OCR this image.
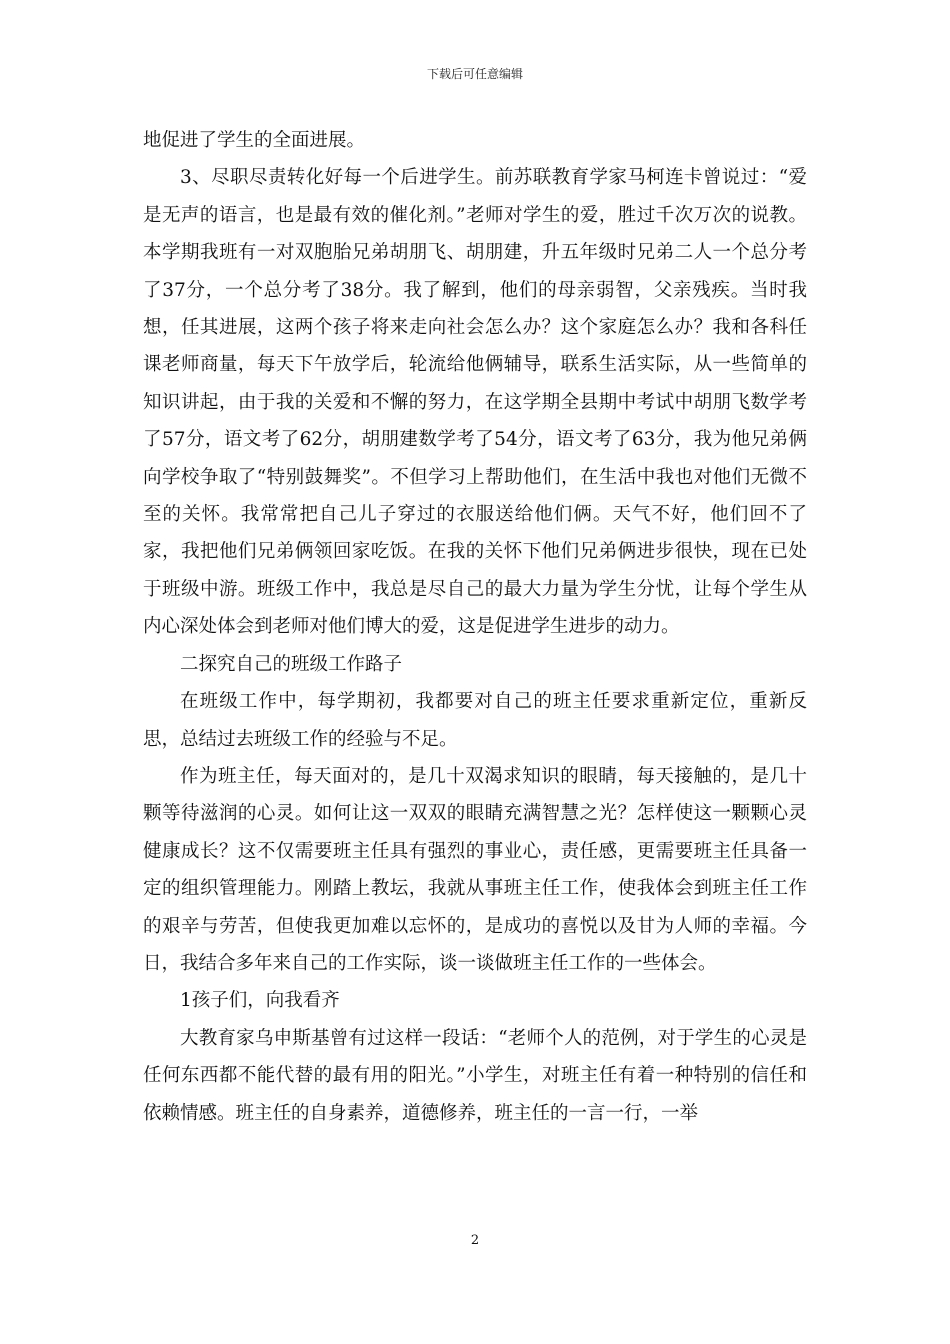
下载后可任意编辑

地促进了学生的全面进展。

3、尽职尽责转化好每一个后进学生。前苏联教育学家马柯连卡曾说过：“爱是无声的语言，也是最有效的催化剂。”老师对学生的爱，胜过千次万次的说教。本学期我班有一对双胞胎兄弟胡朋飞、胡朋建，升五年级时兄弟二人一个总分考了37分，一个总分考了38分。我了解到，他们的母亲弱智，父亲残疾。当时我想，任其进展，这两个孩子将来走向社会怎么办？这个家庭怎么办？我和各科任课老师商量，每天下午放学后，轮流给他俩辅导，联系生活实际，从一些简单的知识讲起，由于我的关爱和不懈的努力，在这学期全县期中考试中胡朋飞数学考了57分，语文考了62分，胡朋建数学考了54分，语文考了63分，我为他兄弟俩向学校争取了“特别鼓舞奖”。不但学习上帮助他们，在生活中我也对他们无微不至的关怀。我常常把自己儿子穿过的衣服送给他们俩。天气不好，他们回不了家，我把他们兄弟俩领回家吃饭。在我的关怀下他们兄弟俩进步很快，现在已处于班级中游。班级工作中，我总是尽自己的最大力量为学生分忧，让每个学生从内心深处体会到老师对他们博大的爱，这是促进学生进步的动力。

二探究自己的班级工作路子

在班级工作中，每学期初，我都要对自己的班主任要求重新定位，重新反思，总结过去班级工作的经验与不足。

作为班主任，每天面对的，是几十双渴求知识的眼睛，每天接触的，是几十颗等待滋润的心灵。如何让这一双双的眼睛充满智慧之光？怎样使这一颗颗心灵健康成长？这不仅需要班主任具有强烈的事业心，责任感，更需要班主任具备一定的组织管理能力。刚踏上教坛，我就从事班主任工作，使我体会到班主任工作的艰辛与劳苦，但使我更加难以忘怀的，是成功的喜悦以及甘为人师的幸福。今日，我结合多年来自己的工作实际，谈一谈做班主任工作的一些体会。

1孩子们，向我看齐

大教育家乌申斯基曾有过这样一段话：“老师个人的范例，对于学生的心灵是任何东西都不能代替的最有用的阳光。”小学生，对班主任有着一种特别的信任和依赖情感。班主任的自身素养，道德修养，班主任的一言一行，一举

2
